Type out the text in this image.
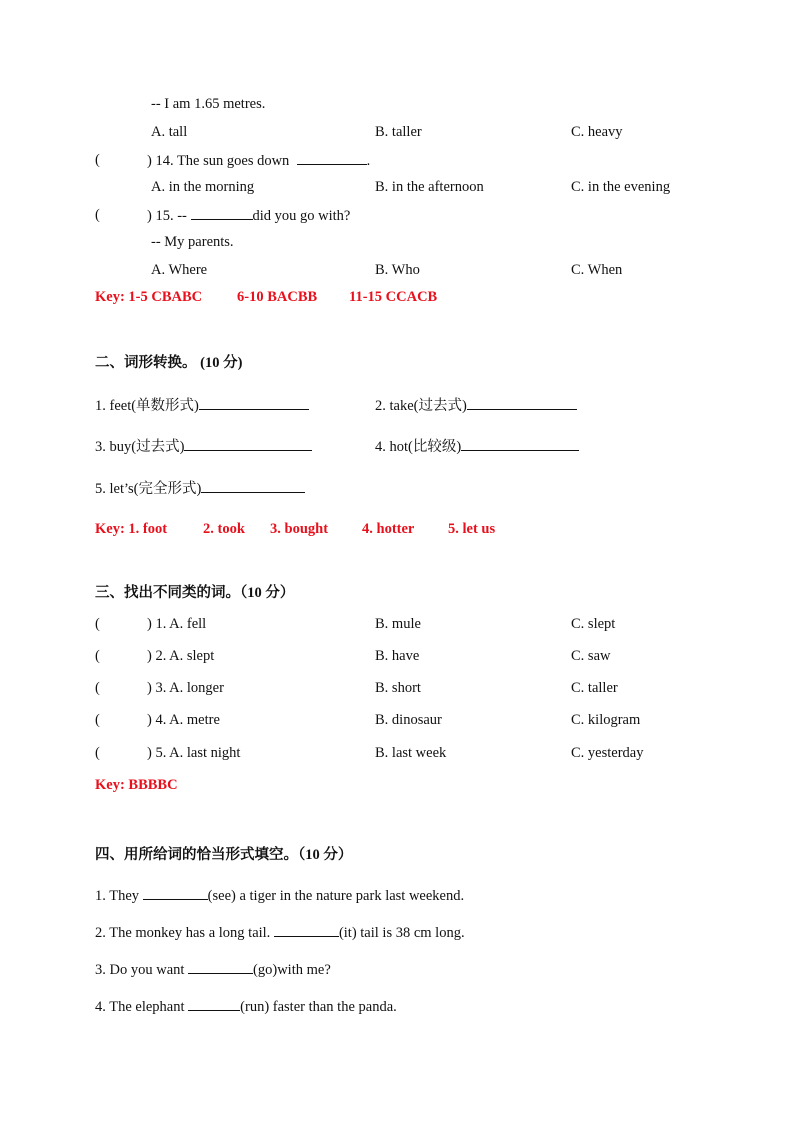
-- I am 1.65 metres.
A. tall	B. taller	C. heavy
(	) 14. The sun goes down	.
A. in the morning	B. in the afternoon	C. in the evening
(	) 15. --	did you go with?
-- My parents.
A. Where	B. Who	C. When
Key: 1-5 CBABC 6-10 BACBB 11-15 CCACB
二、词形转换。 (10 分)
1. feet(单数形式)	2. take(过去式)
3. buy(过去式)	4. hot(比较级)
5. let’s(完全形式)
Key: 1. foot 2. took 3. bought 4. hotter 5. let us
三、找出不同类的词。（10 分）
(	) 1. A. fell	B. mule	C. slept
(	) 2. A. slept	B. have	C. saw
(	) 3. A. longer	B. short	C. taller
(	) 4. A. metre	B. dinosaur	C. kilogram
(	) 5. A. last night	B. last week	C. yesterday
Key: BBBBC
四、用所给词的恰当形式填空。（10 分）
1. They	(see) a tiger in the nature park last weekend.
2. The monkey has a long tail.	(it) tail is 38 cm long.
3. Do you want	(go)with me?
4. The elephant	(run) faster than the panda.
